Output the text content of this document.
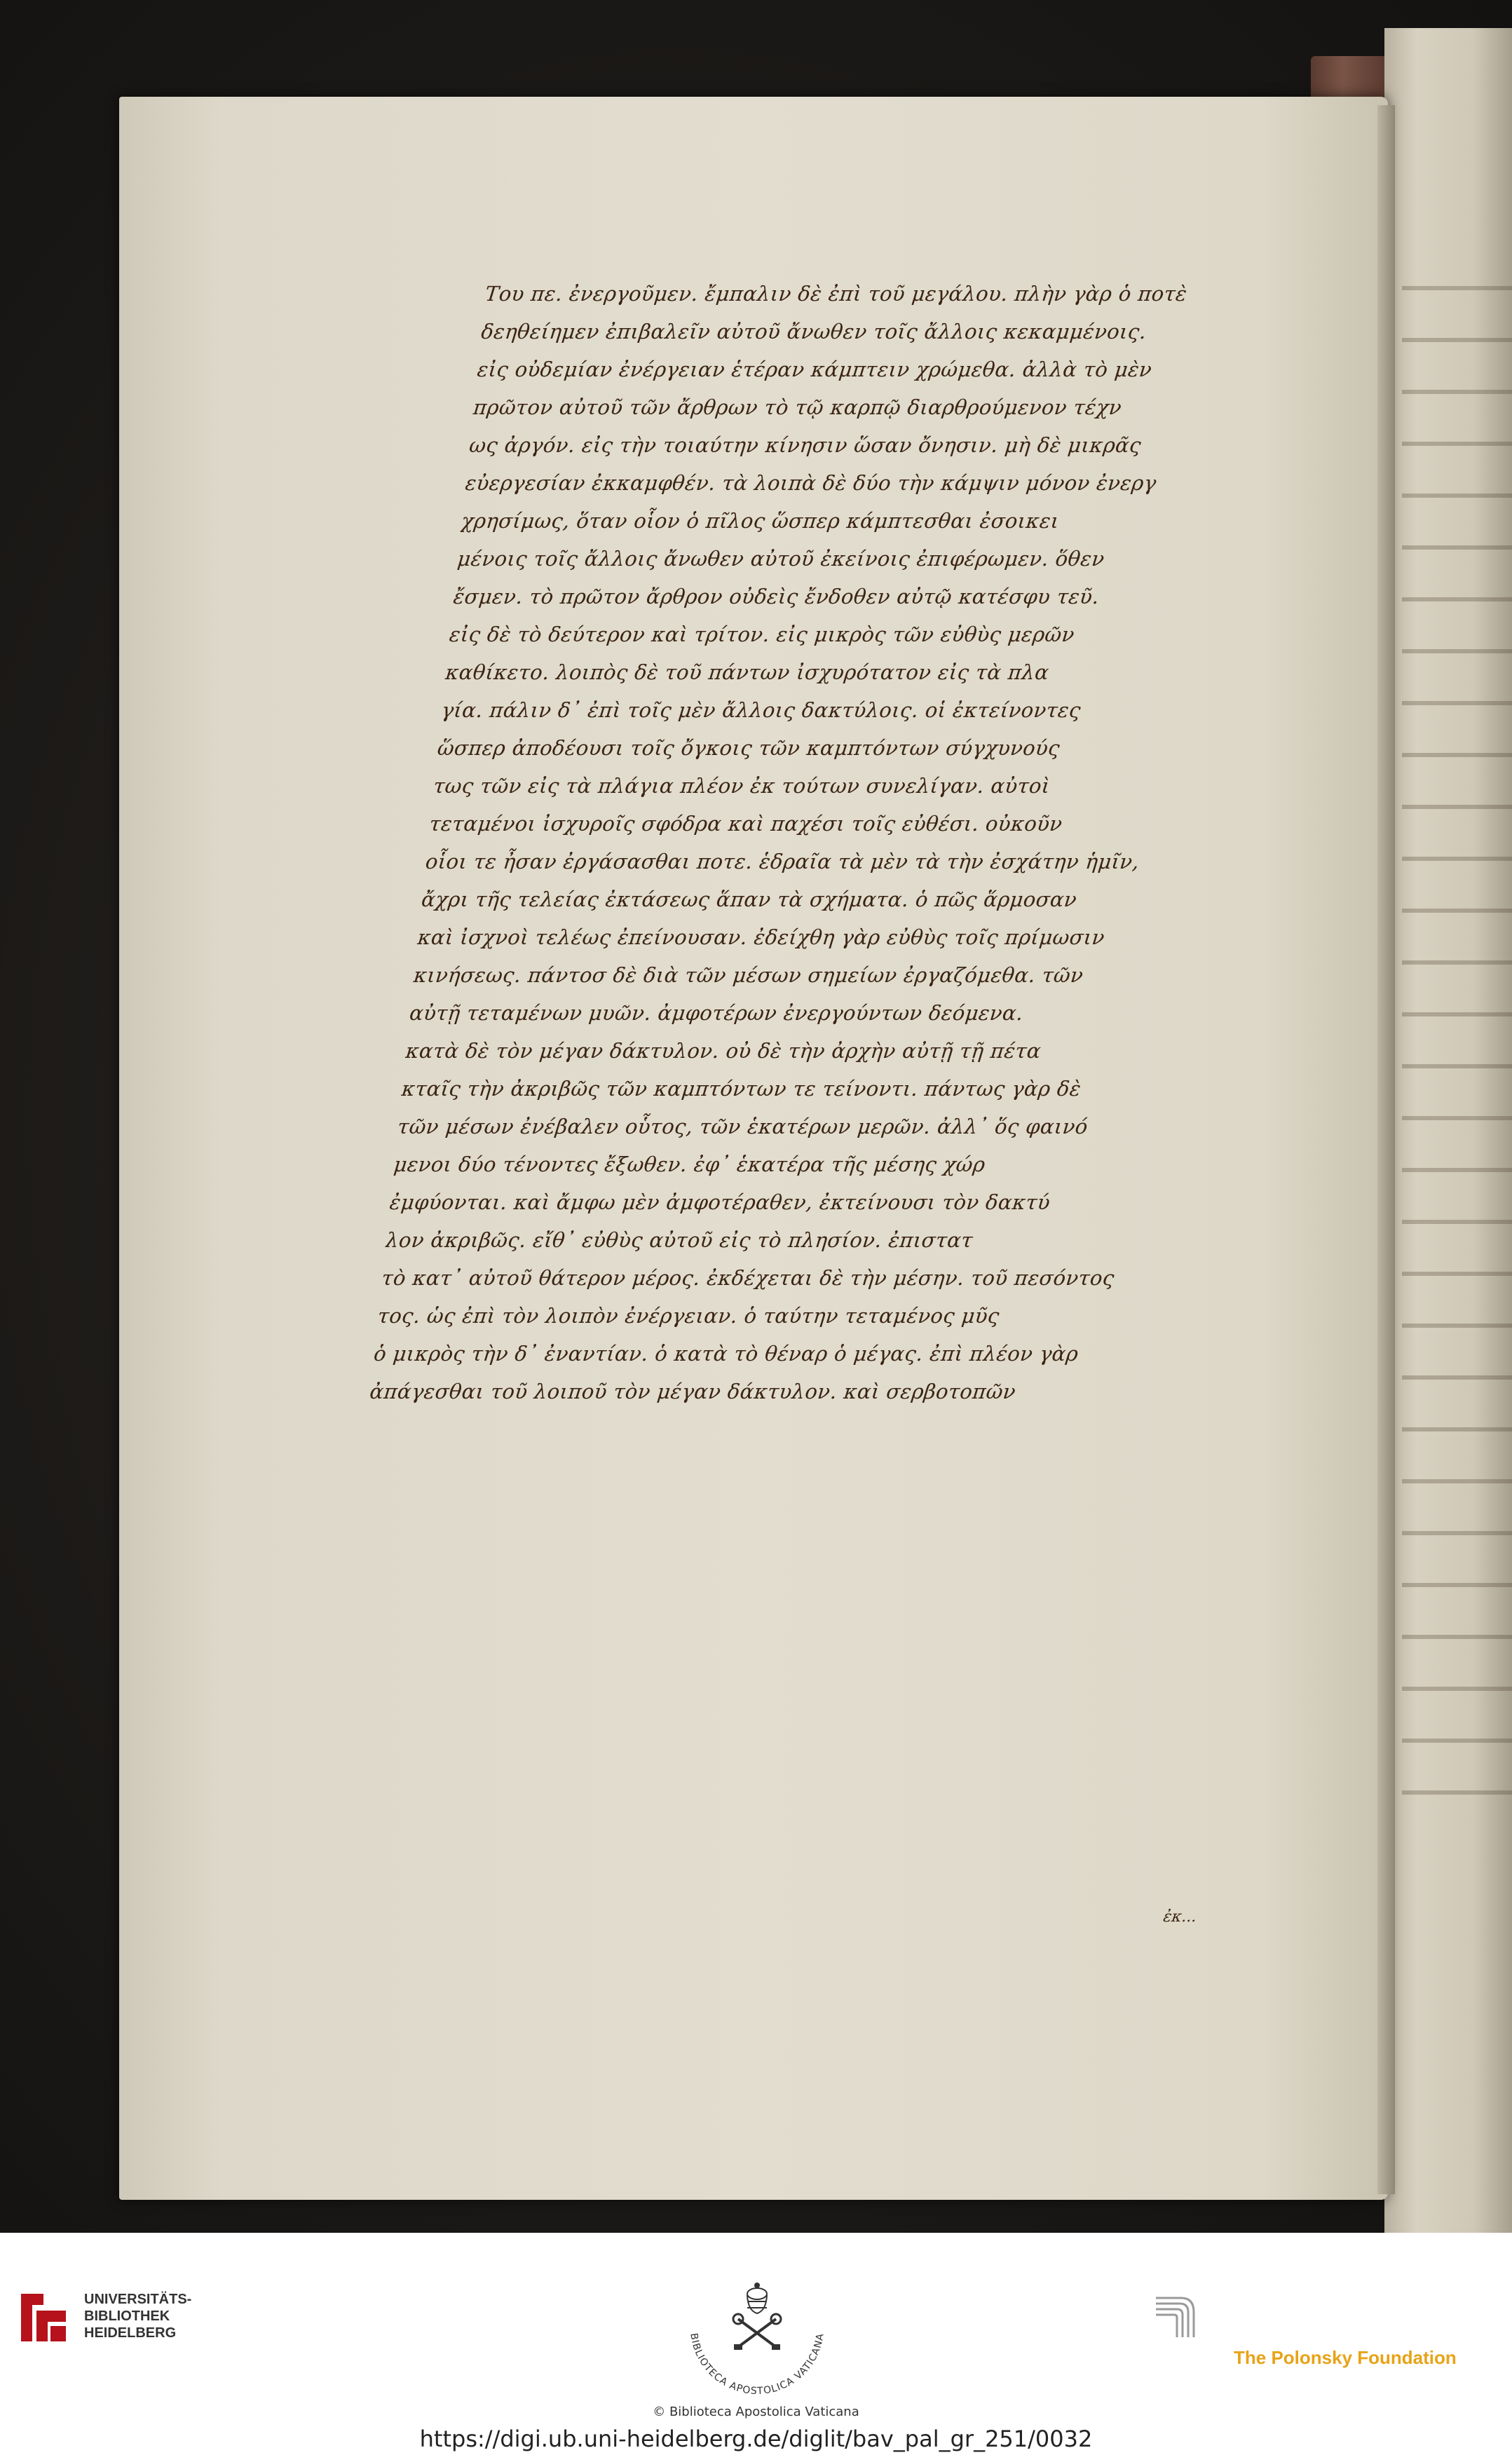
Του πε. ἐνεργοῦμεν. ἔμπαλιν δὲ ἐπὶ τοῦ μεγάλου. πλὴν γὰρ ὁ ποτὲ
δεηθείημεν ἐπιβαλεῖν αὐτοῦ ἄνωθεν τοῖς ἄλλοις κεκαμμένοις.
εἰς οὐδεμίαν ἐνέργειαν ἑτέραν κάμπτειν χρώμεθα. ἀλλὰ τὸ μὲν
πρῶτον αὐτοῦ τῶν ἄρθρων τὸ τῷ καρπῷ διαρθρούμενον τέχν
ως ἀργόν. εἰς τὴν τοιαύτην κίνησιν ὥσαν ὄνησιν. μὴ δὲ μικρᾶς
εὐεργεσίαν ἐκκαμφθέν. τὰ λοιπὰ δὲ δύο τὴν κάμψιν μόνον ἐνεργ
χρησίμως, ὅταν οἷον ὁ πῖλος ὥσπερ κάμπτεσθαι ἐσοικει
μένοις τοῖς ἄλλοις ἄνωθεν αὐτοῦ ἐκείνοις ἐπιφέρωμεν. ὅθεν
ἔσμεν. τὸ πρῶτον ἄρθρον οὐδεὶς ἔνδοθεν αὐτῷ κατέσφυ τεῦ.
εἰς δὲ τὸ δεύτερον καὶ τρίτον. εἰς μικρὸς τῶν εὐθὺς μερῶν
καθίκετο. λοιπὸς δὲ τοῦ πάντων ἰσχυρότατον εἰς τὰ πλα
γία. πάλιν δ᾽ ἐπὶ τοῖς μὲν ἄλλοις δακτύλοις. οἱ ἐκτείνοντες
ὥσπερ ἀποδέουσι τοῖς ὄγκοις τῶν καμπτόντων σύγχυνούς
τως τῶν εἰς τὰ πλάγια πλέον ἐκ τούτων συνελίγαν. αὐτοὶ
τεταμένοι ἰσχυροῖς σφόδρα καὶ παχέσι τοῖς εὐθέσι. οὐκοῦν
οἷοι τε ἦσαν ἐργάσασθαι ποτε. ἑδραῖα τὰ μὲν τὰ τὴν ἐσχάτην ἡμῖν,
ἄχρι τῆς τελείας ἐκτάσεως ἅπαν τὰ σχήματα. ὁ πῶς ἅρμοσαν
καὶ ἰσχνοὶ τελέως ἐπείνουσαν. ἐδείχθη γὰρ εὐθὺς τοῖς πρίμωσιν
κινήσεως. πάντοσ δὲ διὰ τῶν μέσων σημείων ἐργαζόμεθα. τῶν
αὐτῇ τεταμένων μυῶν. ἀμφοτέρων ἐνεργούντων δεόμενα.
κατὰ δὲ τὸν μέγαν δάκτυλον. οὐ δὲ τὴν ἀρχὴν αὐτῇ τῇ πέτα
κταῖς τὴν ἀκριβῶς τῶν καμπτόντων τε τείνοντι. πάντως γὰρ δὲ
τῶν μέσων ἐνέβαλεν οὗτος, τῶν ἑκατέρων μερῶν. ἀλλ᾽ ὅς φαινό
μενοι δύο τένοντες ἔξωθεν. ἐφ᾽ ἑκατέρα τῆς μέσης χώρ
ἐμφύονται. καὶ ἄμφω μὲν ἀμφοτέραθεν, ἐκτείνουσι τὸν δακτύ
λον ἀκριβῶς. εἴθ᾽ εὐθὺς αὐτοῦ εἰς τὸ πλησίον. ἐπιστατ
τὸ κατ᾽ αὐτοῦ θάτερον μέρος. ἐκδέχεται δὲ τὴν μέσην. τοῦ πεσόντος
τος. ὡς ἐπὶ τὸν λοιπὸν ἐνέργειαν. ὁ ταύτην τεταμένος μῦς
ὁ μικρὸς τὴν δ᾽ ἐναντίαν. ὁ κατὰ τὸ θέναρ ὁ μέγας. ἐπὶ πλέον γὰρ
ἀπάγεσθαι τοῦ λοιποῦ τὸν μέγαν δάκτυλον. καὶ σερβοτοπῶν
ἐκ...
UNIVERSITÄTS-
BIBLIOTHEK
HEIDELBERG	BIBLIOTECA APOSTOLICA VATICANA
© Biblioteca Apostolica Vaticana
https://digi.ub.uni-heidelberg.de/diglit/bav_pal_gr_251/0032
The Polonsky Foundation
